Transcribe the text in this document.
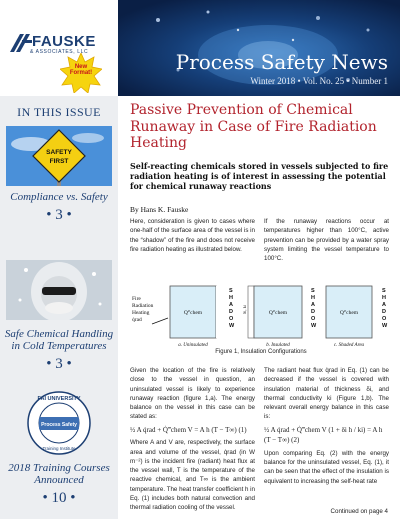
FAUSKE
& ASSOCIATES, LLC
New Format!	Process Safety News
Winter 2018 • Vol. No. 25 • Number 1
IN THIS ISSUE
SAFETY
FIRST
Compliance vs. Safety
• 3 •
Safe Chemical Handling in Cold Temperatures
• 3 •
FAI UNIVERSITY
Process Safety
Training Institute
2018 Training Courses Announced
• 10 •
Passive Prevention of Chemical Runaway in Case of Fire Radiation Heating
Self-reacting chemicals stored in vessels subjected to fire radiation heating is of interest in assessing the potential for chemical runaway reactions
By Hans K. Fauske
Here, consideration is given to cases where one-half of the surface area of the vessel is in the “shadow” of the fire and does not receive fire radiation heating as illustrated below.
If the runaway reactions occur at temperatures higher than 100°C, active prevention can be provided by a water spray system limiting the vessel temperature to 100°C.
Fire
Radiation
Heating
q̇rad
Q‴chem
S
H
A
D
O
W
a. Uninsulated
Q‴chem
δi, ki
S
H
A
D
O
W
b. Insulated
Q‴chem
S
H
A
D
O
W
c. Shaded Area
Figure 1, Insulation Configurations
Given the location of the fire is relatively close to the vessel in question, an uninsulated vessel is likely to experience runaway reaction (figure 1,a). The energy balance on the vessel in this case can be stated as:
½ A q̇rad + Q̇‴chem V = A h (T − T∞) (1)
Where A and V are, respectively, the surface area and volume of the vessel, q̇rad (in W m⁻²) is the incident fire (radiant) heat flux at the vessel wall, T is the temperature of the reactive chemical, and T∞ is the ambient temperature. The heat transfer coefficient h in Eq. (1) includes both natural convection and thermal radiation cooling of the vessel.
The radiant heat flux q̇rad in Eq. (1) can be decreased if the vessel is covered with insulation material of thickness δi, and thermal conductivity ki (Figure 1,b). The relevant overall energy balance in this case is:
½ A q̇rad + Q̇‴chem V (1 + δi h / ki) = A h (T − T∞) (2)
Upon comparing Eq. (2) with the energy balance for the uninsulated vessel, Eq. (1), it can be seen that the effect of the insulation is equivalent to increasing the self-heat rate
Continued on page 4
